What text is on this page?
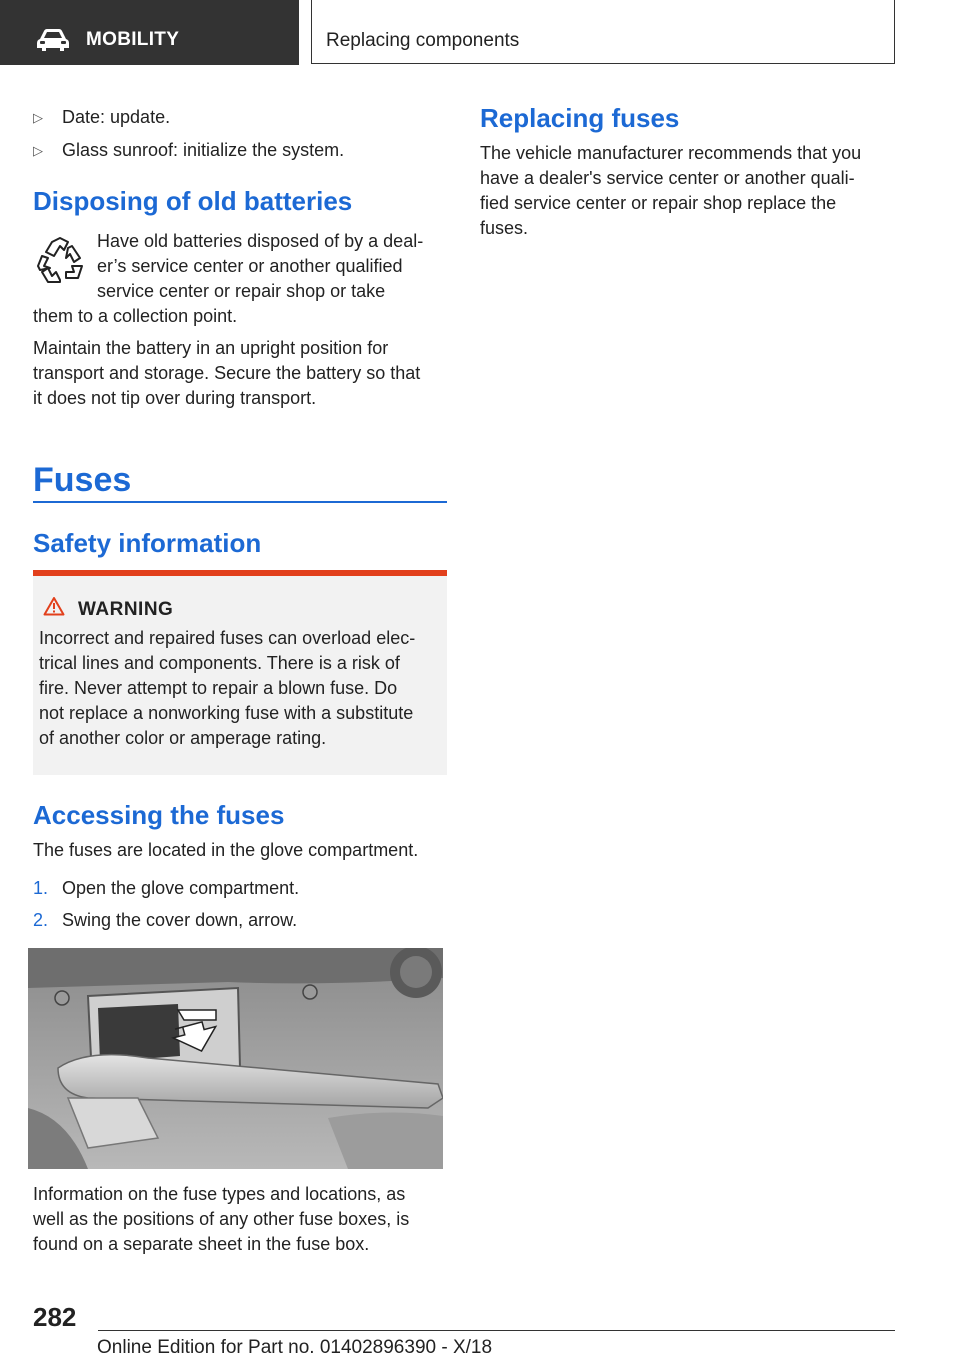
MOBILITY	Replacing components
▷ Date: update.
▷ Glass sunroof: initialize the system.
Disposing of old batteries
Have old batteries disposed of by a deal‐
er’s service center or another qualified
service center or repair shop or take
them to a collection point.
Maintain the battery in an upright position for
transport and storage. Secure the battery so that
it does not tip over during transport.
Fuses
Safety information
WARNING
Incorrect and repaired fuses can overload elec‐
trical lines and components. There is a risk of
fire. Never attempt to repair a blown fuse. Do
not replace a nonworking fuse with a substitute
of another color or amperage rating.
Accessing the fuses
The fuses are located in the glove compartment.
1. Open the glove compartment.
2. Swing the cover down, arrow.
Information on the fuse types and locations, as
well as the positions of any other fuse boxes, is
found on a separate sheet in the fuse box.
Replacing fuses
The vehicle manufacturer recommends that you
have a dealer's service center or another quali‐
fied service center or repair shop replace the
fuses.
282
Online Edition for Part no. 01402896390 - X/18
